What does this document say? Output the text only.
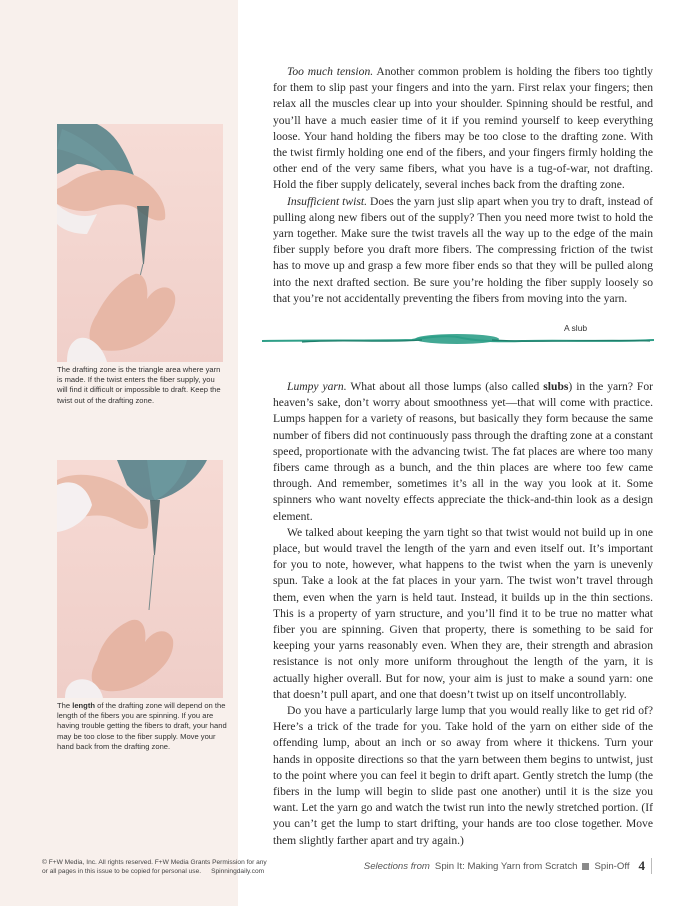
The drafting zone is the triangle area where yarn is made. If the twist enters the fiber supply, you will find it difficult or impossible to draft. Keep the twist out of the drafting zone.
The length of the drafting zone will depend on the length of the fibers you are spinning. If you are having trouble getting the fibers to draft, your hand may be too close to the fiber supply. Move your hand back from the drafting zone.

Too much tension. Another common problem is holding the fibers too tightly for them to slip past your fingers and into the yarn. First relax your fingers; then relax all the muscles clear up into your shoulder. Spinning should be restful, and you’ll have a much easier time of it if you remind yourself to keep everything loose. Your hand holding the fibers may be too close to the drafting zone. With the twist firmly holding one end of the fibers, and your fingers firmly holding the other end of the very same fibers, what you have is a tug-of-war, not drafting. Hold the fiber supply delicately, several inches back from the drafting zone.

Insufficient twist. Does the yarn just slip apart when you try to draft, instead of pulling along new fibers out of the supply? Then you need more twist to hold the yarn together. Make sure the twist travels all the way up to the edge of the main fiber supply before you draft more fibers. The compressing friction of the twist has to move up and grasp a few more fiber ends so that they will be pulled along into the next drafted section. Be sure you’re holding the fiber supply loosely so that you’re not accidentally preventing the fibers from moving into the yarn.

A slub

Lumpy yarn. What about all those lumps (also called slubs) in the yarn? For heaven’s sake, don’t worry about smoothness yet—that will come with practice. Lumps happen for a variety of reasons, but basically they form because the same number of fibers did not continuously pass through the drafting zone at a constant speed, proportionate with the advancing twist. The fat places are where too many fibers came through as a bunch, and the thin places are where too few came through. And remember, sometimes it’s all in the way you look at it. Some spinners who want novelty effects appreciate the thick-and-thin look as a design element.

We talked about keeping the yarn tight so that twist would not build up in one place, but would travel the length of the yarn and even itself out. It’s important for you to note, however, what happens to the twist when the yarn is unevenly spun. Take a look at the fat places in your yarn. The twist won’t travel through them, even when the yarn is held taut. Instead, it builds up in the thin sections. This is a property of yarn structure, and you’ll find it to be true no matter what fiber you are spinning. Given that property, there is something to be said for keeping your yarns reasonably even. When they are, their strength and abrasion resistance is not only more uniform throughout the length of the yarn, it is actually higher overall. But for now, your aim is just to make a sound yarn: one that doesn’t pull apart, and one that doesn’t twist up on itself uncontrollably.

Do you have a particularly large lump that you would really like to get rid of? Here’s a trick of the trade for you. Take hold of the yarn on either side of the offending lump, about an inch or so away from where it thickens. Turn your hands in opposite directions so that the yarn between them begins to untwist, just to the point where you can feel it begin to drift apart. Gently stretch the lump (the fibers in the lump will begin to slide past one another) until it is the size you want. Let the yarn go and watch the twist run into the newly stretched portion. (If you can’t get the lump to start drifting, your hands are too close together. Move them slightly farther apart and try again.)

© F+W Media, Inc. All rights reserved. F+W Media Grants Permission for any or all pages in this issue to be copied for personal use. Spinningdaily.com	Selections from Spin It: Making Yarn from Scratch Spin-Off 4
